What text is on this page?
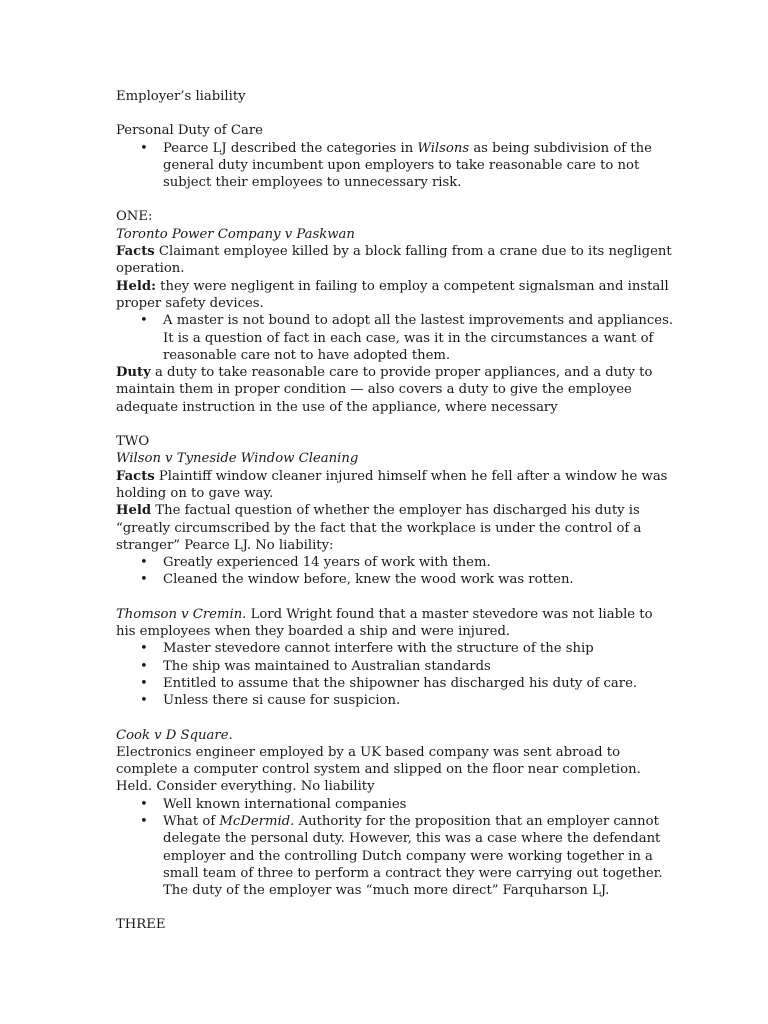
Employer’s liability

Personal Duty of Care

• Pearce LJ described the categories in Wilsons as being subdivision of the general duty incumbent upon employers to take reasonable care to not subject their employees to unnecessary risk.

ONE:

Toronto Power Company v Paskwan

Facts Claimant employee killed by a block falling from a crane due to its negligent operation.

Held: they were negligent in failing to employ a competent signalsman and install proper safety devices.

• A master is not bound to adopt all the lastest improvements and appliances. It is a question of fact in each case, was it in the circumstances a want of reasonable care not to have adopted them.

Duty a duty to take reasonable care to provide proper appliances, and a duty to maintain them in proper condition — also covers a duty to give the employee adequate instruction in the use of the appliance, where necessary

TWO

Wilson v Tyneside Window Cleaning

Facts Plaintiff window cleaner injured himself when he fell after a window he was holding on to gave way.

Held The factual question of whether the employer has discharged his duty is “greatly circumscribed by the fact that the workplace is under the control of a stranger” Pearce LJ. No liability:

• Greatly experienced 14 years of work with them.
• Cleaned the window before, knew the wood work was rotten.

Thomson v Cremin. Lord Wright found that a master stevedore was not liable to his employees when they boarded a ship and were injured.

• Master stevedore cannot interfere with the structure of the ship
• The ship was maintained to Australian standards
• Entitled to assume that the shipowner has discharged his duty of care.
• Unless there si cause for suspicion.

Cook v D Square.

Electronics engineer employed by a UK based company was sent abroad to complete a computer control system and slipped on the floor near completion. Held. Consider everything. No liability

• Well known international companies
• What of McDermid. Authority for the proposition that an employer cannot delegate the personal duty. However, this was a case where the defendant employer and the controlling Dutch company were working together in a small team of three to perform a contract they were carrying out together. The duty of the employer was “much more direct” Farquharson LJ.

THREE
